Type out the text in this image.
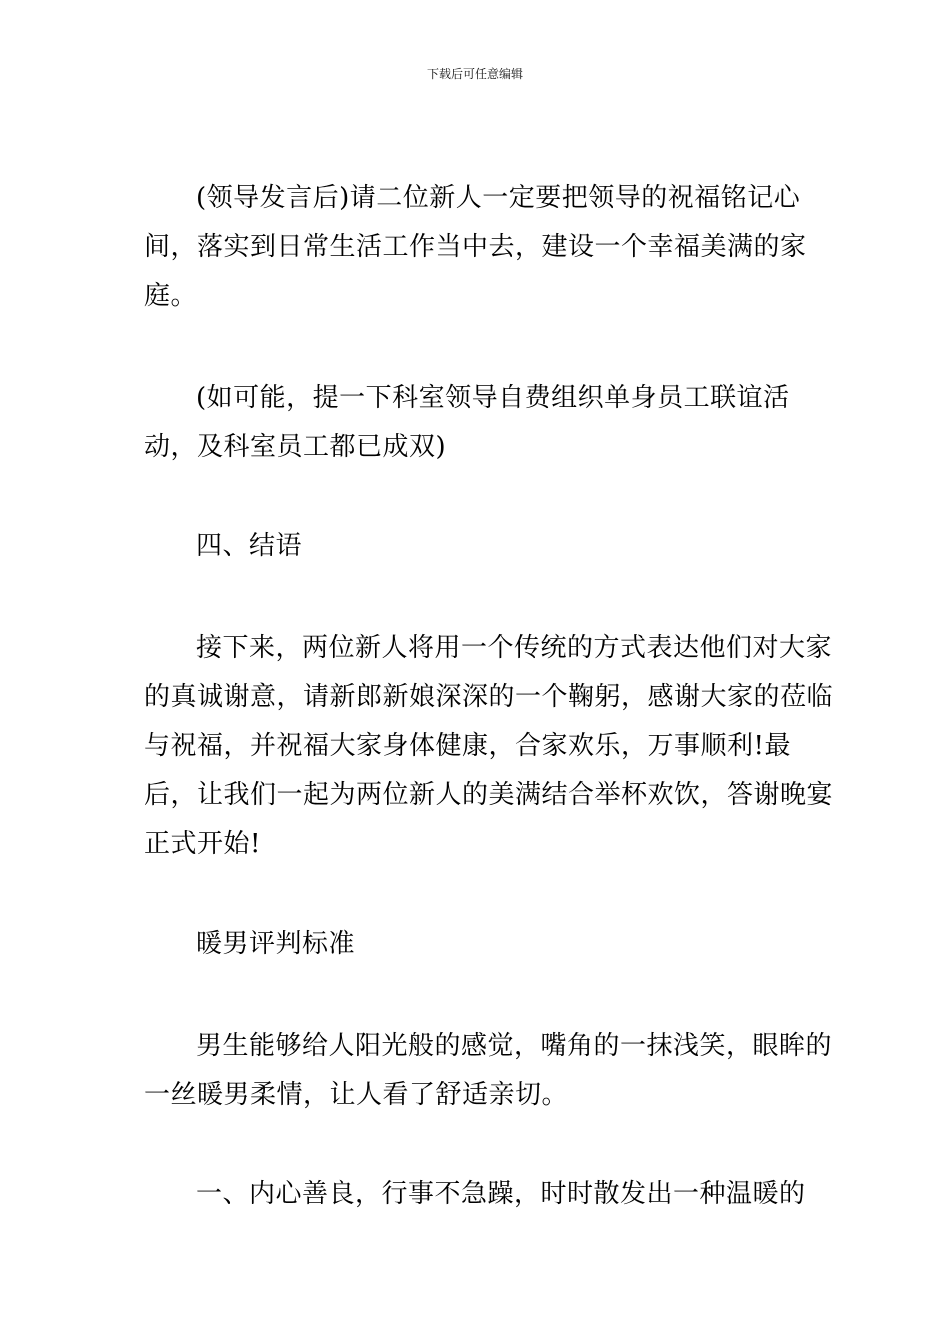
下载后可任意编辑

(领导发言后)请二位新人一定要把领导的祝福铭记心间，落实到日常生活工作当中去，建设一个幸福美满的家庭。

(如可能，提一下科室领导自费组织单身员工联谊活动，及科室员工都已成双)

四、结语

接下来，两位新人将用一个传统的方式表达他们对大家的真诚谢意，请新郎新娘深深的一个鞠躬，感谢大家的莅临与祝福，并祝福大家身体健康，合家欢乐，万事顺利!最后，让我们一起为两位新人的美满结合举杯欢饮，答谢晚宴正式开始!

暖男评判标准

男生能够给人阳光般的感觉，嘴角的一抹浅笑，眼眸的一丝暖男柔情，让人看了舒适亲切。

一、内心善良，行事不急躁，时时散发出一种温暖的
